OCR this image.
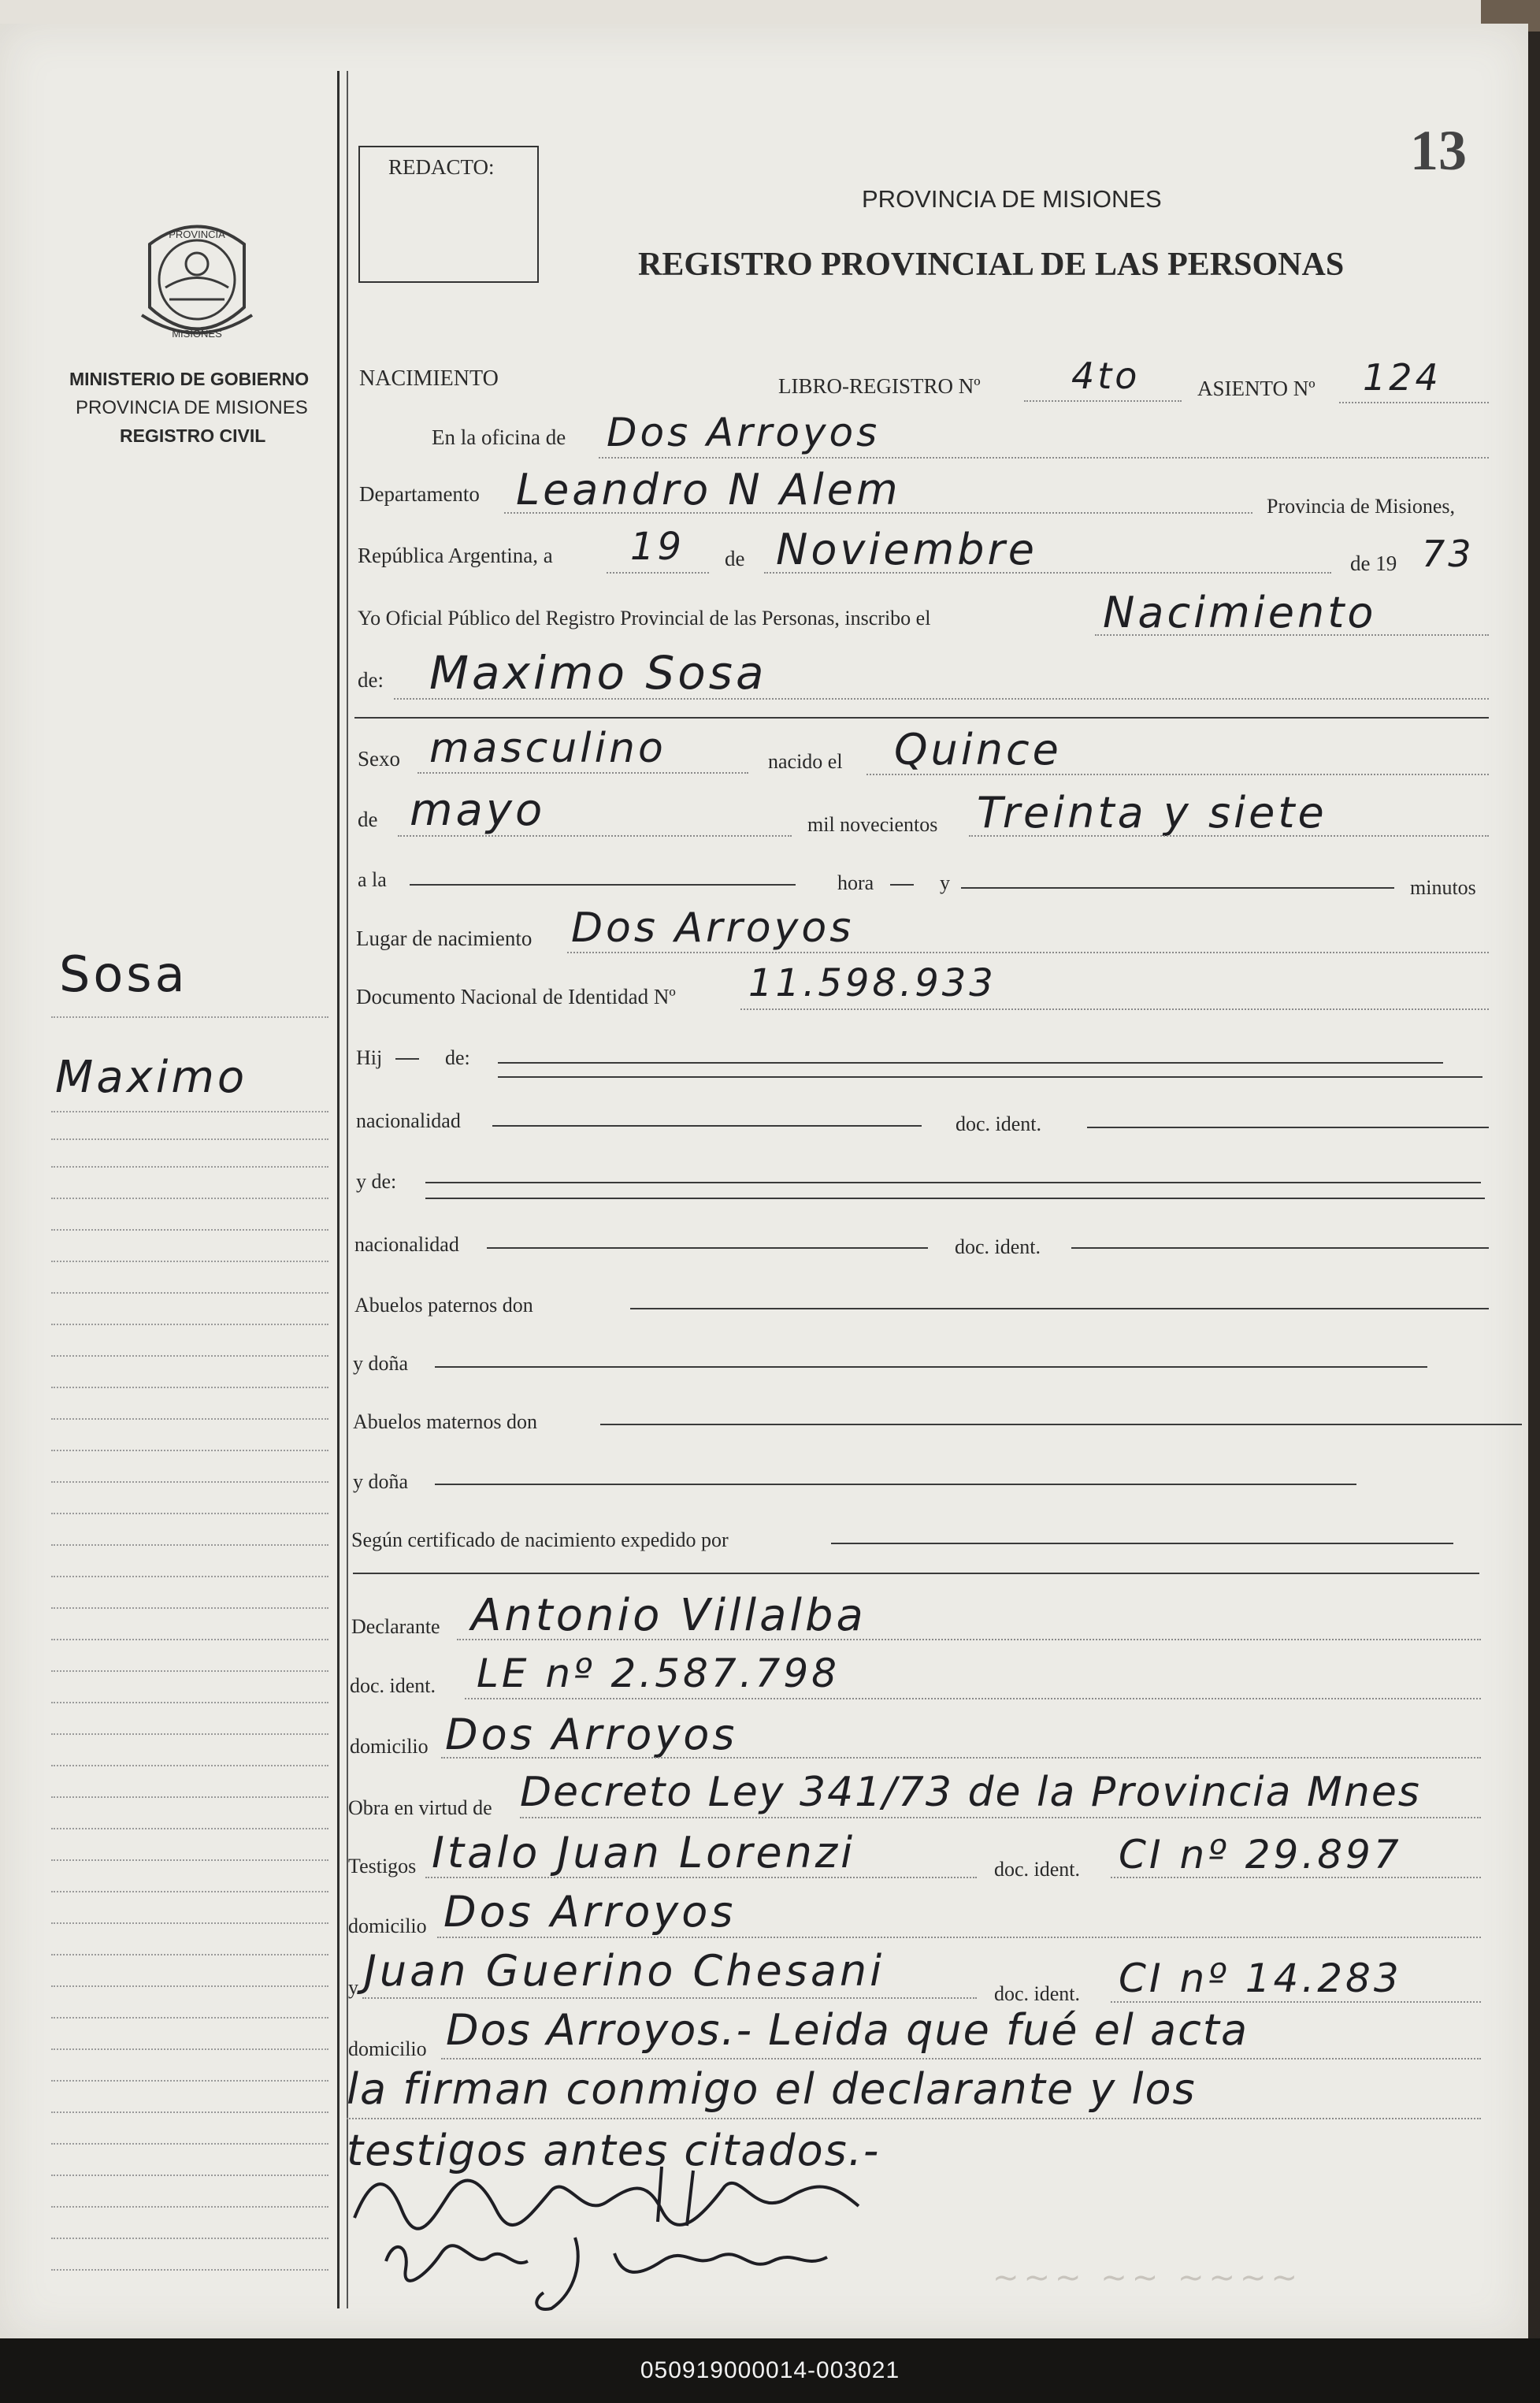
13
REDACTO:
PROVINCIA DE MISIONES
REGISTRO PROVINCIAL DE LAS PERSONAS
PROVINCIA
MISIONES
MINISTERIO DE GOBIERNO
PROVINCIA DE MISIONES
REGISTRO CIVIL
Sosa
Maximo
NACIMIENTO	LIBRO-REGISTRO Nº	4to	ASIENTO Nº 124
En la oficina de Dos Arroyos
Departamento Leandro N Alem	Provincia de Misiones,
República Argentina, a 19 de Noviembre	de 19 73
Yo Oficial Público del Registro Provincial de las Personas, inscribo el	Nacimiento
de: Maximo Sosa
Sexo masculino	nacido el Quince
de mayo	mil novecientos Treinta y siete
a la	hora	y	minutos
Lugar de nacimiento Dos Arroyos
Documento Nacional de Identidad Nº 11.598.933
Hij	de:
nacionalidad	doc. ident.
y de:
nacionalidad	doc. ident.
Abuelos paternos don
y doña
Abuelos maternos don
y doña
Según certificado de nacimiento expedido por
Declarante Antonio Villalba
doc. ident. LE nº 2.587.798
domicilio Dos Arroyos
Obra en virtud de Decreto Ley 341/73 de la Provincia Mnes
Testigos Italo Juan Lorenzi	doc. ident. CI nº 29.897
domicilio Dos Arroyos
y Juan Guerino Chesani	doc. ident. CI nº 14.283
domicilio Dos Arroyos.- Leida que fué el acta
la firman conmigo el declarante y los
testigos antes citados.-
~~~ ~~ ~~~~
050919000014-003021
